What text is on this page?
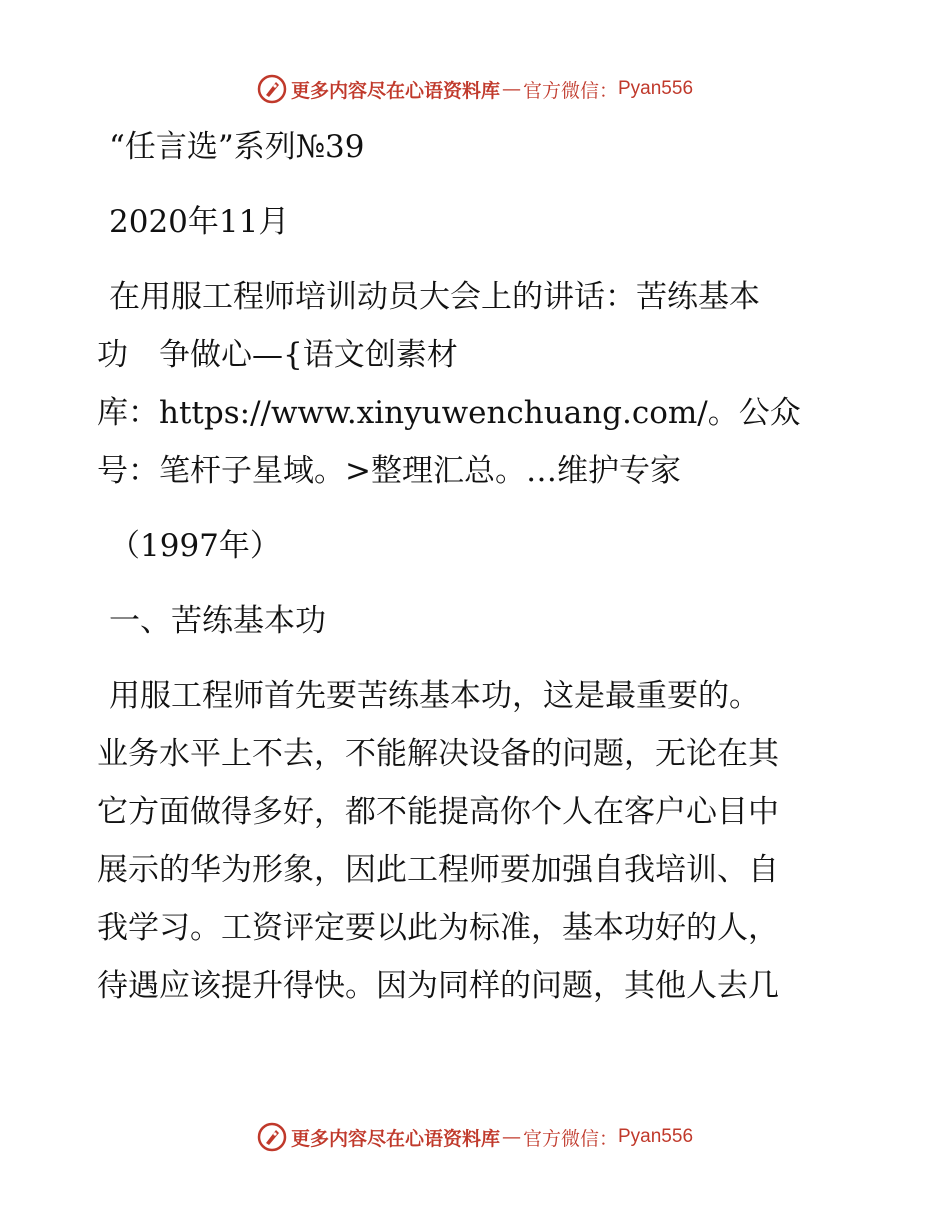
更多内容尽在心语资料库 — 官方微信： Pyan556
“任言选”系列№39
2020年11月
在用服工程师培训动员大会上的讲话：苦练基本
功　争做心—{语文创素材
库：https://www.xinyuwenchuang.com/。公众
号：笔杆子星域。>整理汇总。…维护专家
（1997年）
一、苦练基本功
用服工程师首先要苦练基本功，这是最重要的。
业务水平上不去，不能解决设备的问题，无论在其
它方面做得多好，都不能提高你个人在客户心目中
展示的华为形象，因此工程师要加强自我培训、自
我学习。工资评定要以此为标准，基本功好的人，
待遇应该提升得快。因为同样的问题，其他人去几
更多内容尽在心语资料库 — 官方微信： Pyan556
